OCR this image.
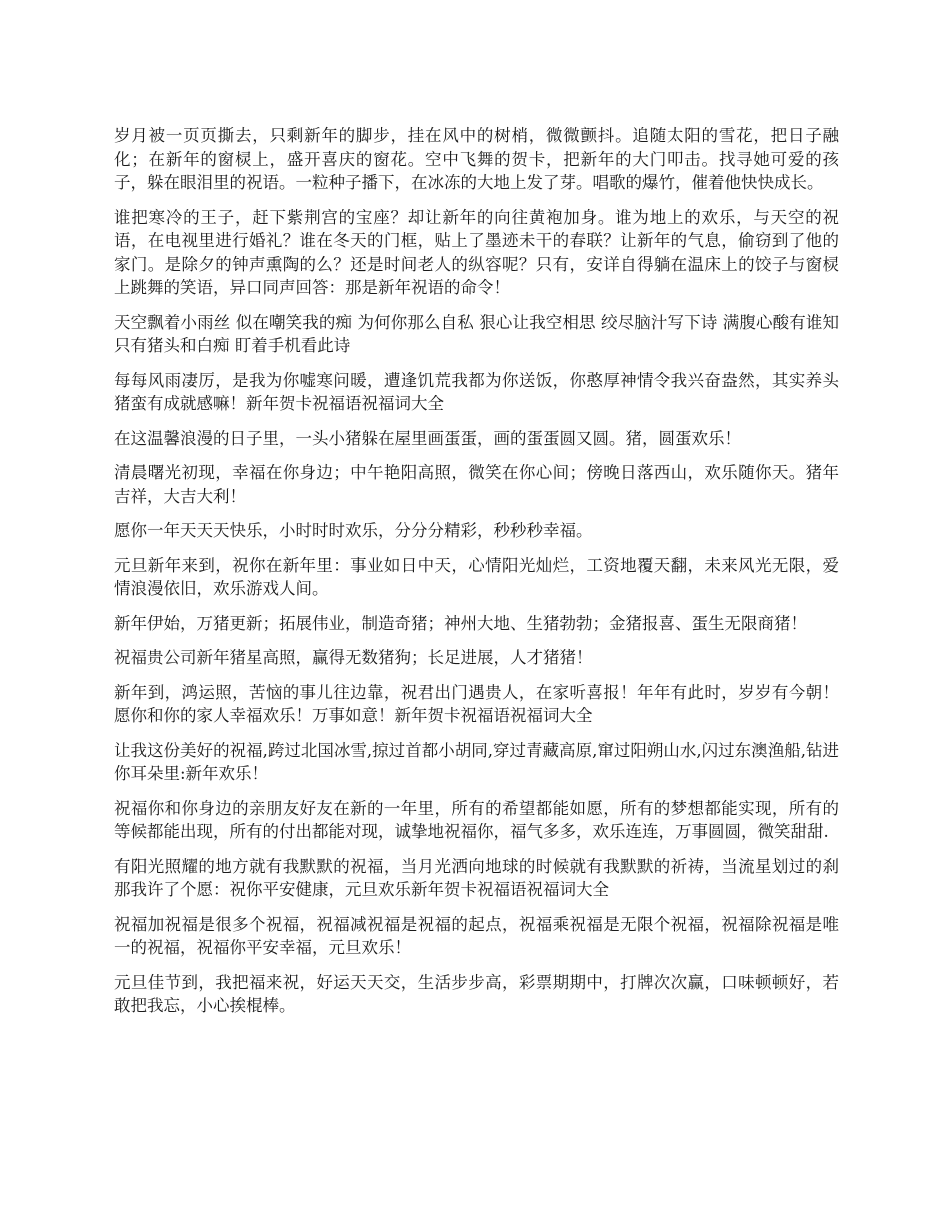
岁月被一页页撕去，只剩新年的脚步，挂在风中的树梢，微微颤抖。追随太阳的雪花，把日子融化；在新年的窗棂上，盛开喜庆的窗花。空中飞舞的贺卡，把新年的大门叩击。找寻她可爱的孩子，躲在眼泪里的祝语。一粒种子播下，在冰冻的大地上发了芽。唱歌的爆竹，催着他快快成长。

谁把寒冷的王子，赶下紫荆宫的宝座？却让新年的向往黄袍加身。谁为地上的欢乐，与天空的祝语，在电视里进行婚礼？谁在冬天的门框，贴上了墨迹未干的春联？让新年的气息，偷窃到了他的家门。是除夕的钟声熏陶的么？还是时间老人的纵容呢？只有，安详自得躺在温床上的饺子与窗棂上跳舞的笑语，异口同声回答：那是新年祝语的命令！

天空飘着小雨丝 似在嘲笑我的痴 为何你那么自私 狠心让我空相思 绞尽脑汁写下诗 满腹心酸有谁知 只有猪头和白痴 盯着手机看此诗

每每风雨凄厉，是我为你嘘寒问暖，遭逢饥荒我都为你送饭，你憨厚神情令我兴奋盎然，其实养头猪蛮有成就感嘛！新年贺卡祝福语祝福词大全

在这温馨浪漫的日子里，一头小猪躲在屋里画蛋蛋，画的蛋蛋圆又圆。猪，圆蛋欢乐！

清晨曙光初现，幸福在你身边；中午艳阳高照，微笑在你心间；傍晚日落西山，欢乐随你天。猪年吉祥，大吉大利！

愿你一年天天天快乐，小时时时欢乐，分分分精彩，秒秒秒幸福。

元旦新年来到，祝你在新年里：事业如日中天，心情阳光灿烂，工资地覆天翻，未来风光无限，爱情浪漫依旧，欢乐游戏人间。

新年伊始，万猪更新；拓展伟业，制造奇猪；神州大地、生猪勃勃；金猪报喜、蛋生无限商猪！

祝福贵公司新年猪星高照，赢得无数猪狗；长足进展，人才猪猪！

新年到，鸿运照，苦恼的事儿往边靠，祝君出门遇贵人，在家听喜报！年年有此时，岁岁有今朝！愿你和你的家人幸福欢乐！万事如意！新年贺卡祝福语祝福词大全

让我这份美好的祝福,跨过北国冰雪,掠过首都小胡同,穿过青藏高原,窜过阳朔山水,闪过东澳渔船,钻进你耳朵里:新年欢乐！

祝福你和你身边的亲朋友好友在新的一年里，所有的希望都能如愿，所有的梦想都能实现，所有的等候都能出现，所有的付出都能对现，诚挚地祝福你，福气多多，欢乐连连，万事圆圆，微笑甜甜.

有阳光照耀的地方就有我默默的祝福，当月光洒向地球的时候就有我默默的祈祷，当流星划过的刹那我许了个愿：祝你平安健康，元旦欢乐新年贺卡祝福语祝福词大全

祝福加祝福是很多个祝福，祝福减祝福是祝福的起点，祝福乘祝福是无限个祝福，祝福除祝福是唯一的祝福，祝福你平安幸福，元旦欢乐！

元旦佳节到，我把福来祝，好运天天交，生活步步高，彩票期期中，打牌次次赢，口味顿顿好，若敢把我忘，小心挨棍棒。
